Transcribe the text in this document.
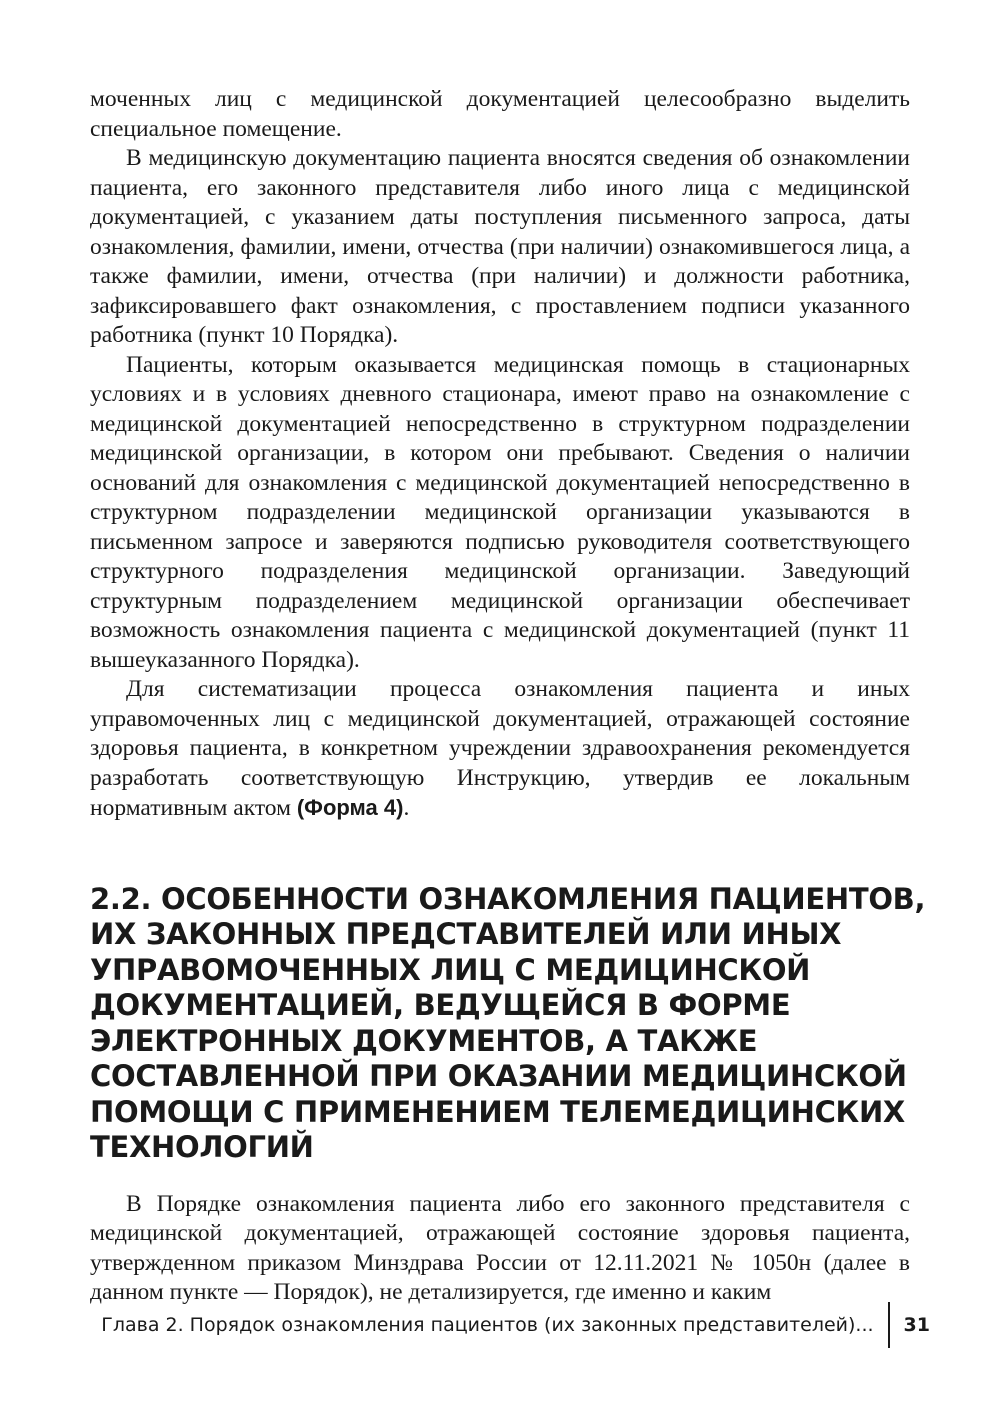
моченных лиц с медицинской документацией целесообразно выделить специальное помещение.

В медицинскую документацию пациента вносятся сведения об ознакомлении пациента, его законного представителя либо иного лица с медицинской документацией, с указанием даты поступления письменного запроса, даты ознакомления, фамилии, имени, отчества (при наличии) ознакомившегося лица, а также фамилии, имени, отчества (при наличии) и должности работника, зафиксировавшего факт ознакомления, с проставлением подписи указанного работника (пункт 10 Порядка).

Пациенты, которым оказывается медицинская помощь в стационарных условиях и в условиях дневного стационара, имеют право на ознакомление с медицинской документацией непосредственно в структурном подразделении медицинской организации, в котором они пребывают. Сведения о наличии оснований для ознакомления с медицинской документацией непосредственно в структурном подразделении медицинской организации указываются в письменном запросе и заверяются подписью руководителя соответствующего структурного подразделения медицинской организации. Заведующий структурным подразделением медицинской организации обеспечивает возможность ознакомления пациента с медицинской документацией (пункт 11 вышеуказанного Порядка).

Для систематизации процесса ознакомления пациента и иных управомоченных лиц с медицинской документацией, отражающей состояние здоровья пациента, в конкретном учреждении здравоохранения рекомендуется разработать соответствующую Инструкцию, утвердив ее локальным нормативным актом (Форма 4).

2.2. ОСОБЕННОСТИ ОЗНАКОМЛЕНИЯ ПАЦИЕНТОВ,
ИХ ЗАКОННЫХ ПРЕДСТАВИТЕЛЕЙ ИЛИ ИНЫХ
УПРАВОМОЧЕННЫХ ЛИЦ С МЕДИЦИНСКОЙ
ДОКУМЕНТАЦИЕЙ, ВЕДУЩЕЙСЯ В ФОРМЕ
ЭЛЕКТРОННЫХ ДОКУМЕНТОВ, А ТАКЖЕ
СОСТАВЛЕННОЙ ПРИ ОКАЗАНИИ МЕДИЦИНСКОЙ
ПОМОЩИ С ПРИМЕНЕНИЕМ ТЕЛЕМЕДИЦИНСКИХ
ТЕХНОЛОГИЙ

В Порядке ознакомления пациента либо его законного представителя с медицинской документацией, отражающей состояние здоровья пациента, утвержденном приказом Минздрава России от 12.11.2021 № 1050н (далее в данном пункте — Порядок), не детализируется, где именно и каким

Глава 2. Порядок ознакомления пациентов (их законных представителей)...	31
